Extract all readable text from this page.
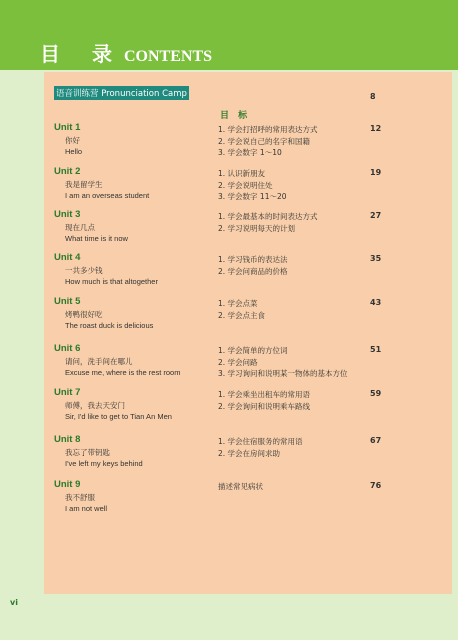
目　录 CONTENTS
vi
语音训练营 Pronunciation Camp	8
目 标
Unit 1
你好
Hello
12
1. 学会打招呼的常用表达方式
2. 学会说自己的名字和国籍
3. 学会数字 1～10
Unit 2
我是留学生
I am an overseas student
19
1. 认识新朋友
2. 学会说明住处
3. 学会数字 11～20
Unit 3
现在几点
What time is it now
27
1. 学会最基本的时间表达方式
2. 学习说明每天的计划
Unit 4
一共多少钱
How much is that altogether
35
1. 学习钱币的表达法
2. 学会问商品的价格
Unit 5
烤鸭很好吃
The roast duck is delicious
43
1. 学会点菜
2. 学会点主食
Unit 6
请问，洗手间在哪儿
Excuse me, where is the rest room
51
1. 学会简单的方位词
2. 学会问路
3. 学习询问和说明某一物体的基本方位
Unit 7
师傅，我去天安门
Sir, I'd like to get to Tian An Men
59
1. 学会乘坐出租车的常用语
2. 学会询问和说明乘车路线
Unit 8
我忘了带钥匙
I've left my keys behind
67
1. 学会住宿服务的常用语
2. 学会在房间求助
Unit 9
我不舒服
I am not well
76
描述常见病状
